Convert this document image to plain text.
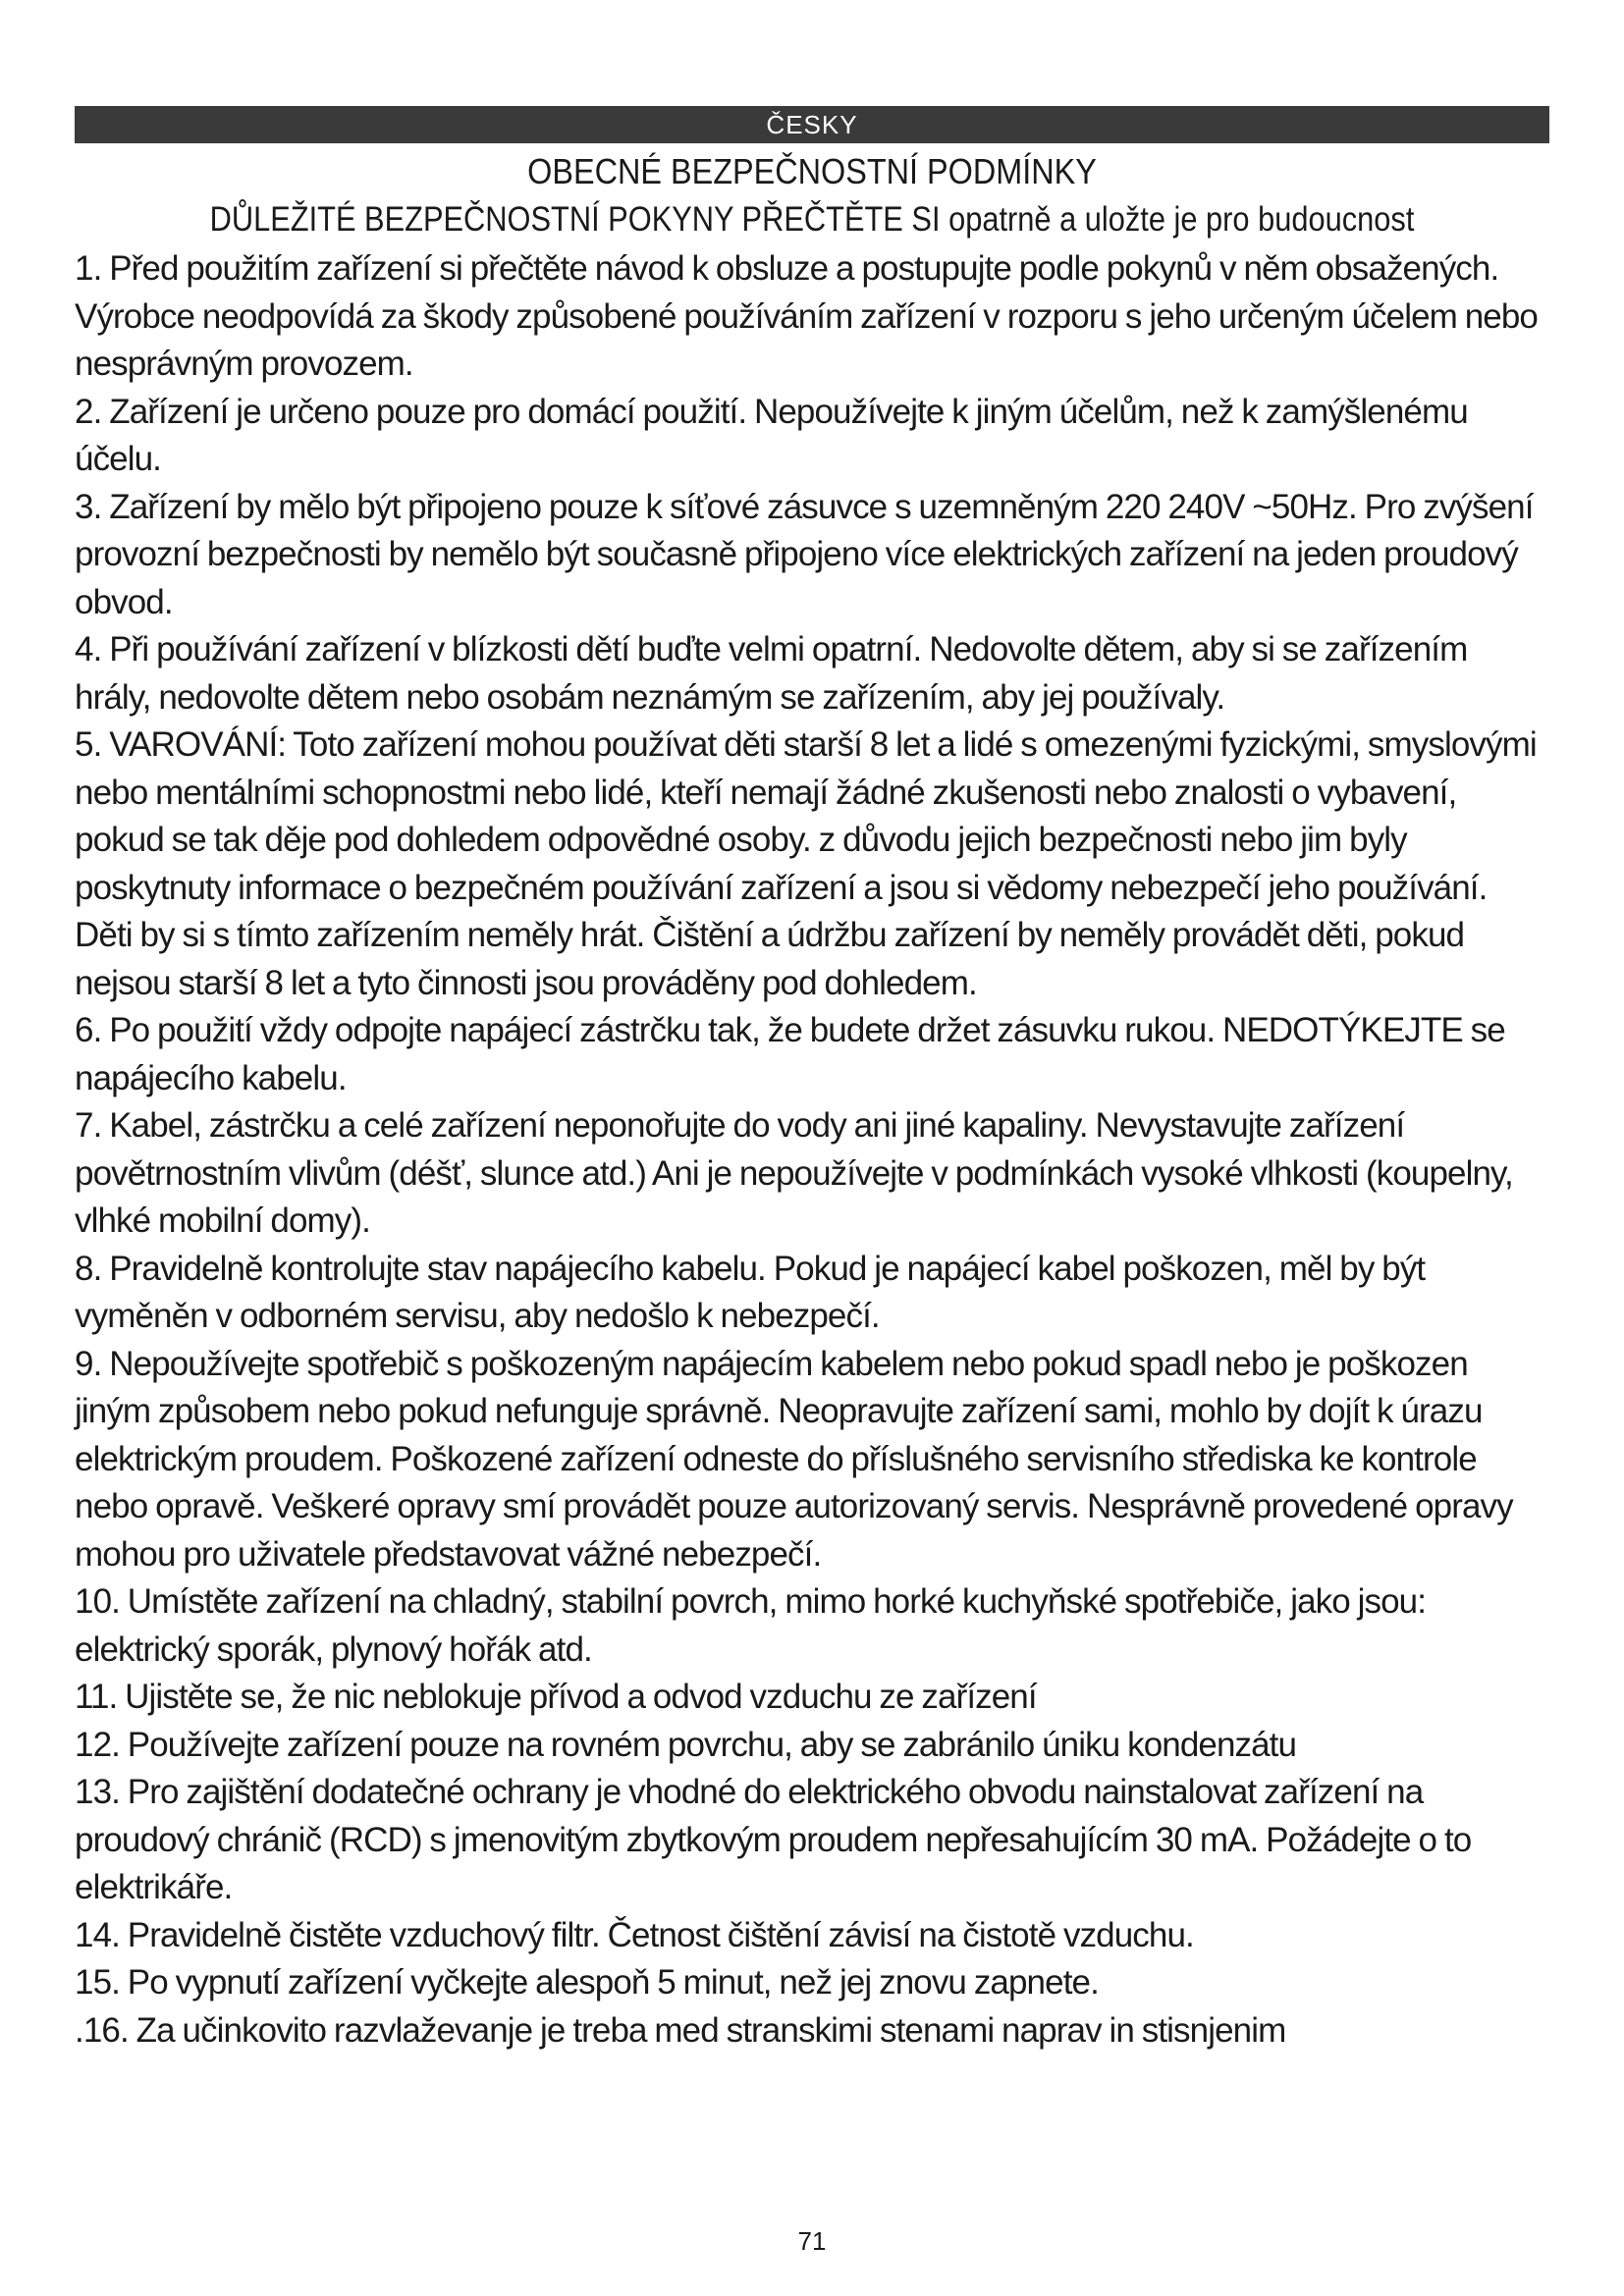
ČESKY
OBECNÉ BEZPEČNOSTNÍ PODMÍNKY
DŮLEŽITÉ BEZPEČNOSTNÍ POKYNY PŘEČTĚTE SI opatrně a uložte je pro budoucnost

1. Před použitím zařízení si přečtěte návod k obsluze a postupujte podle pokynů v něm obsažených. Výrobce neodpovídá za škody způsobené používáním zařízení v rozporu s jeho určeným účelem nebo nesprávným provozem.

2. Zařízení je určeno pouze pro domácí použití. Nepoužívejte k jiným účelům, než k zamýšlenému účelu.

3. Zařízení by mělo být připojeno pouze k síťové zásuvce s uzemněným 220 240V ~50Hz. Pro zvýšení provozní bezpečnosti by nemělo být současně připojeno více elektrických zařízení na jeden proudový obvod.

4. Při používání zařízení v blízkosti dětí buďte velmi opatrní. Nedovolte dětem, aby si se zařízením hrály, nedovolte dětem nebo osobám neznámým se zařízením, aby jej používaly.

5. VAROVÁNÍ: Toto zařízení mohou používat děti starší 8 let a lidé s omezenými fyzickými, smyslovými nebo mentálními schopnostmi nebo lidé, kteří nemají žádné zkušenosti nebo znalosti o vybavení, pokud se tak děje pod dohledem odpovědné osoby. z důvodu jejich bezpečnosti nebo jim byly poskytnuty informace o bezpečném používání zařízení a jsou si vědomy nebezpečí jeho používání. Děti by si s tímto zařízením neměly hrát. Čištění a údržbu zařízení by neměly provádět děti, pokud nejsou starší 8 let a tyto činnosti jsou prováděny pod dohledem.

6. Po použití vždy odpojte napájecí zástrčku tak, že budete držet zásuvku rukou. NEDOTÝKEJTE se napájecího kabelu.

7. Kabel, zástrčku a celé zařízení neponořujte do vody ani jiné kapaliny. Nevystavujte zařízení povětrnostním vlivům (déšť, slunce atd.) Ani je nepoužívejte v podmínkách vysoké vlhkosti (koupelny, vlhké mobilní domy).

8. Pravidelně kontrolujte stav napájecího kabelu. Pokud je napájecí kabel poškozen, měl by být vyměněn v odborném servisu, aby nedošlo k nebezpečí.

9. Nepoužívejte spotřebič s poškozeným napájecím kabelem nebo pokud spadl nebo je poškozen jiným způsobem nebo pokud nefunguje správně. Neopravujte zařízení sami, mohlo by dojít k úrazu elektrickým proudem. Poškozené zařízení odneste do příslušného servisního střediska ke kontrole nebo opravě. Veškeré opravy smí provádět pouze autorizovaný servis. Nesprávně provedené opravy mohou pro uživatele představovat vážné nebezpečí.

10. Umístěte zařízení na chladný, stabilní povrch, mimo horké kuchyňské spotřebiče, jako jsou: elektrický sporák, plynový hořák atd.

11. Ujistěte se, že nic neblokuje přívod a odvod vzduchu ze zařízení

12. Používejte zařízení pouze na rovném povrchu, aby se zabránilo úniku kondenzátu

13. Pro zajištění dodatečné ochrany je vhodné do elektrického obvodu nainstalovat zařízení na proudový chránič (RCD) s jmenovitým zbytkovým proudem nepřesahujícím 30 mA. Požádejte o to elektrikáře.

14. Pravidelně čistěte vzduchový filtr. Četnost čištění závisí na čistotě vzduchu.

15. Po vypnutí zařízení vyčkejte alespoň 5 minut, než jej znovu zapnete.

.16. Za učinkovito razvlaževanje je treba med stranskimi stenami naprav in stisnjenim

71
